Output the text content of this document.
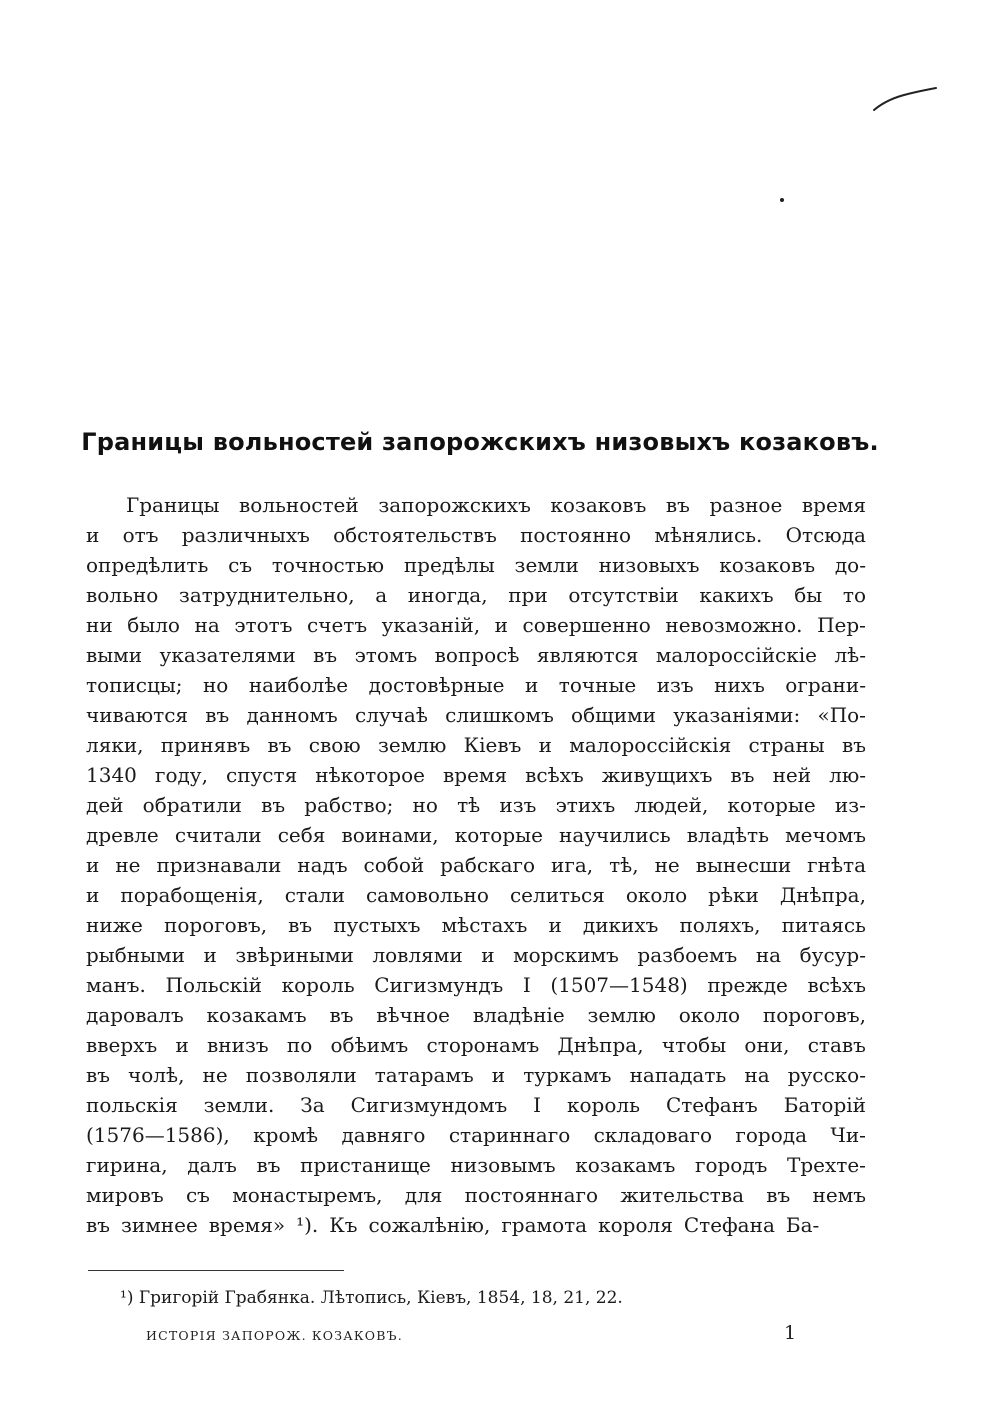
Границы вольностей запорожскихъ низовыхъ козаковъ.
Границы вольностей запорожскихъ козаковъ въ разное время
и отъ различныхъ обстоятельствъ постоянно мѣнялись. Отсюда
опредѣлить съ точностью предѣлы земли низовыхъ козаковъ до-
вольно затруднительно, а иногда, при отсутствіи какихъ бы то
ни было на этотъ счетъ указаній, и совершенно невозможно. Пер-
выми указателями въ этомъ вопросѣ являются малороссійскіе лѣ-
тописцы; но наиболѣе достовѣрные и точные изъ нихъ ограни-
чиваются въ данномъ случаѣ слишкомъ общими указаніями: «По-
ляки, принявъ въ свою землю Кіевъ и малороссійскія страны въ
1340 году, спустя нѣкоторое время всѣхъ живущихъ въ ней лю-
дей обратили въ рабство; но тѣ изъ этихъ людей, которые из-
древле считали себя воинами, которые научились владѣть мечомъ
и не признавали надъ собой рабскаго ига, тѣ, не вынесши гнѣта
и порабощенія, стали самовольно селиться около рѣки Днѣпра,
ниже пороговъ, въ пустыхъ мѣстахъ и дикихъ поляхъ, питаясь
рыбными и звѣриными ловлями и морскимъ разбоемъ на бусур-
манъ. Польскій король Сигизмундъ I (1507—1548) прежде всѣхъ
даровалъ козакамъ въ вѣчное владѣніе землю около пороговъ,
вверхъ и внизъ по обѣимъ сторонамъ Днѣпра, чтобы они, ставъ
въ чолѣ, не позволяли татарамъ и туркамъ нападать на русско-
польскія земли. За Сигизмундомъ I король Стефанъ Баторій
(1576—1586), кромѣ давняго стариннаго складоваго города Чи-
гирина, далъ въ пристанище низовымъ козакамъ городъ Трехте-
мировъ съ монастыремъ, для постояннаго жительства въ немъ
въ зимнее время» ¹). Къ сожалѣнію, грамота короля Стефана Ба-
¹) Григорій Грабянка. Лѣтопись, Кіевъ, 1854, 18, 21, 22.
ИСТОРІЯ ЗАПОРОЖ. КОЗАКОВЪ.	1
